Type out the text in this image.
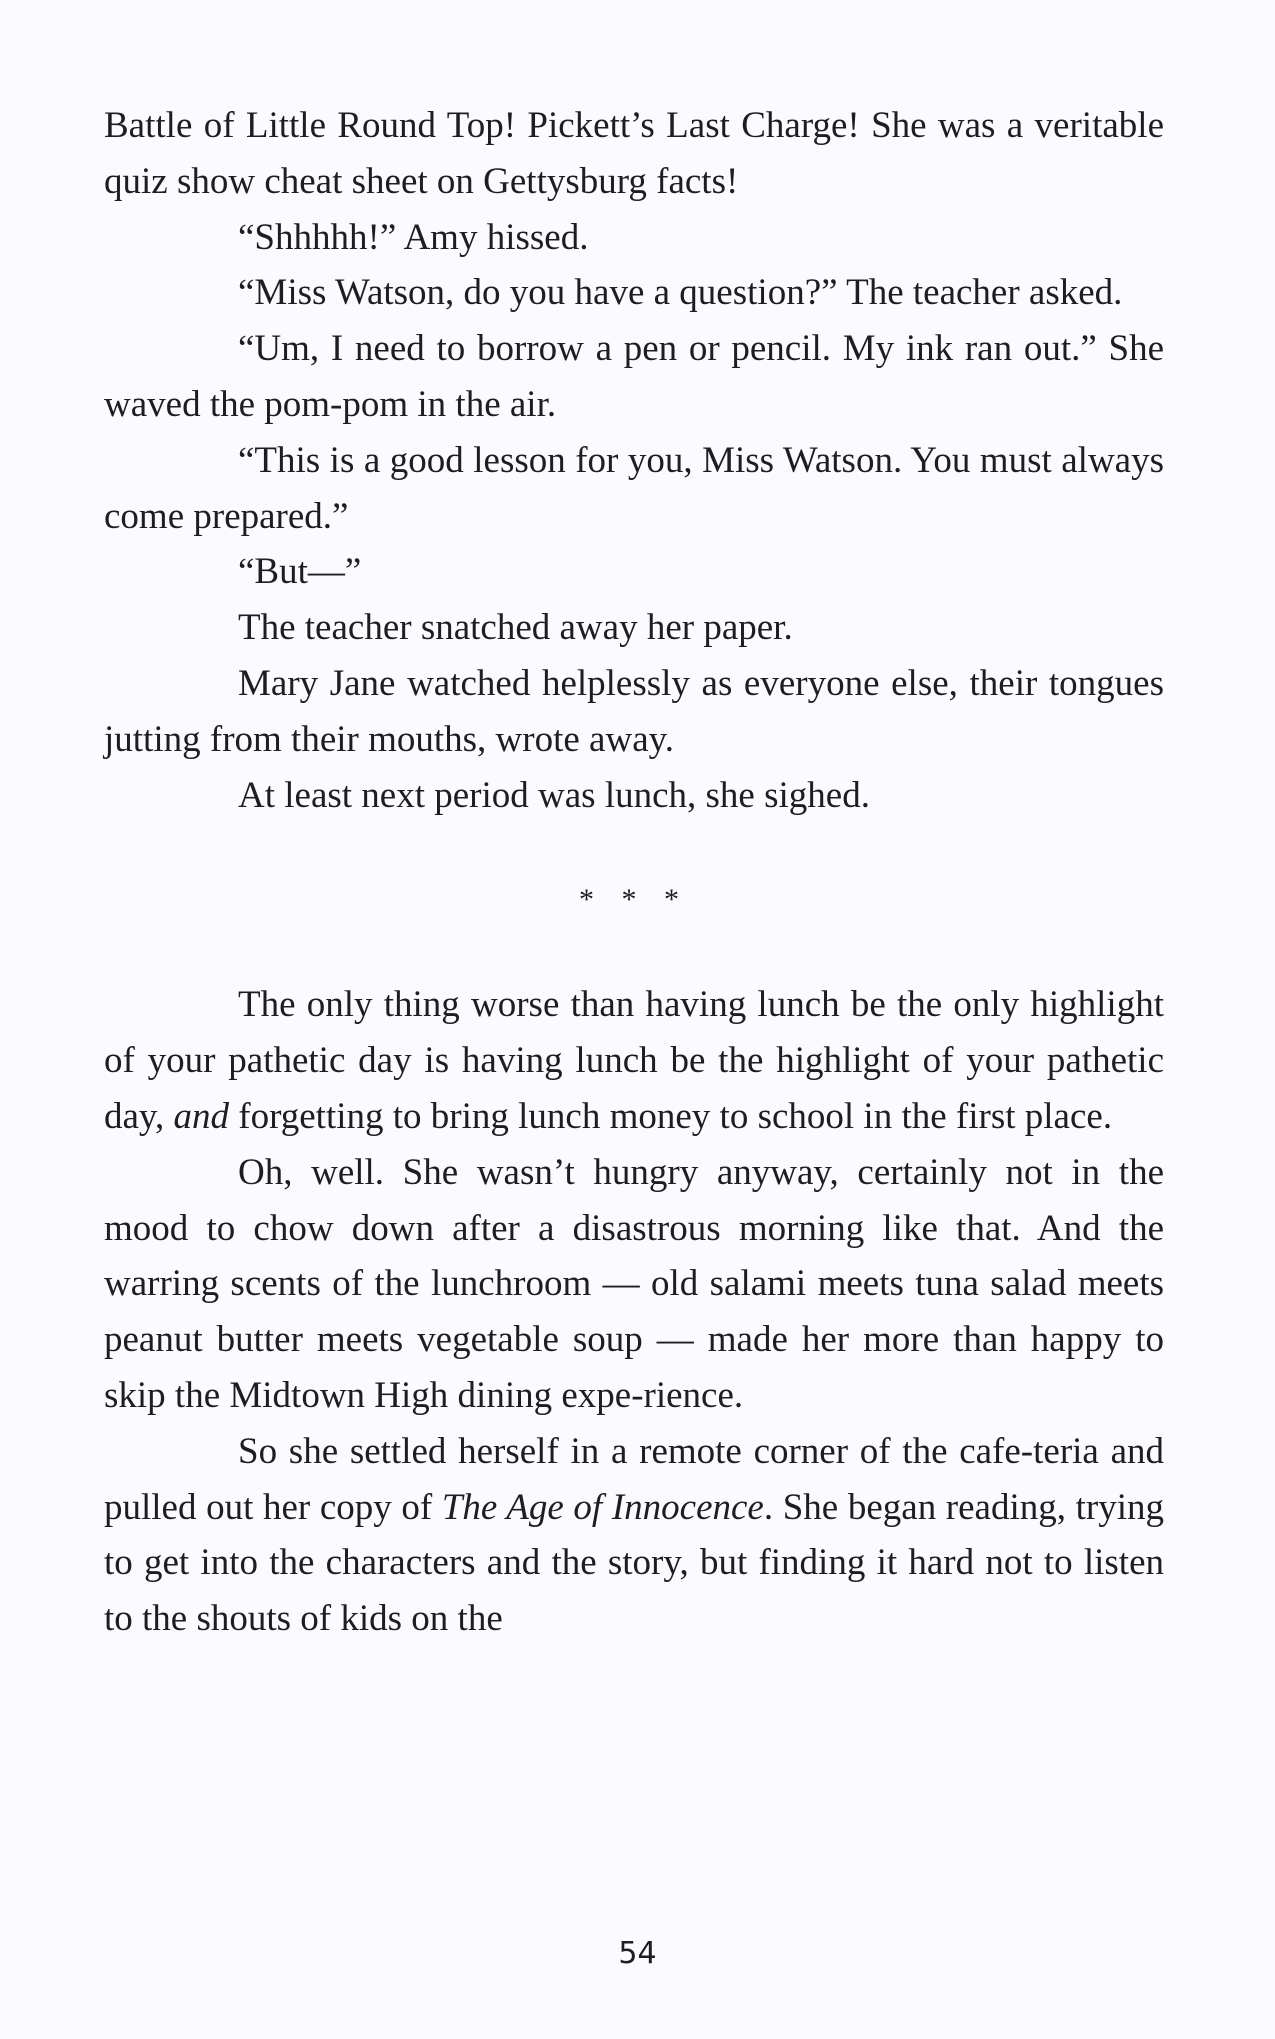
Battle of Little Round Top! Pickett’s Last Charge! She was a veritable quiz show cheat sheet on Gettysburg facts!

“Shhhhh!” Amy hissed.

“Miss Watson, do you have a question?” The teacher asked.

“Um, I need to borrow a pen or pencil. My ink ran out.” She waved the pom-pom in the air.

“This is a good lesson for you, Miss Watson. You must always come prepared.”

“But—”

The teacher snatched away her paper.

Mary Jane watched helplessly as everyone else, their tongues jutting from their mouths, wrote away.

At least next period was lunch, she sighed.

* * *

The only thing worse than having lunch be the only highlight of your pathetic day is having lunch be the highlight of your pathetic day, and forgetting to bring lunch money to school in the first place.

Oh, well. She wasn’t hungry anyway, certainly not in the mood to chow down after a disastrous morning like that. And the warring scents of the lunchroom — old salami meets tuna salad meets peanut butter meets vegetable soup — made her more than happy to skip the Midtown High dining expe-rience.

So she settled herself in a remote corner of the cafe-teria and pulled out her copy of The Age of Innocence. She began reading, trying to get into the characters and the story, but finding it hard not to listen to the shouts of kids on the

54
